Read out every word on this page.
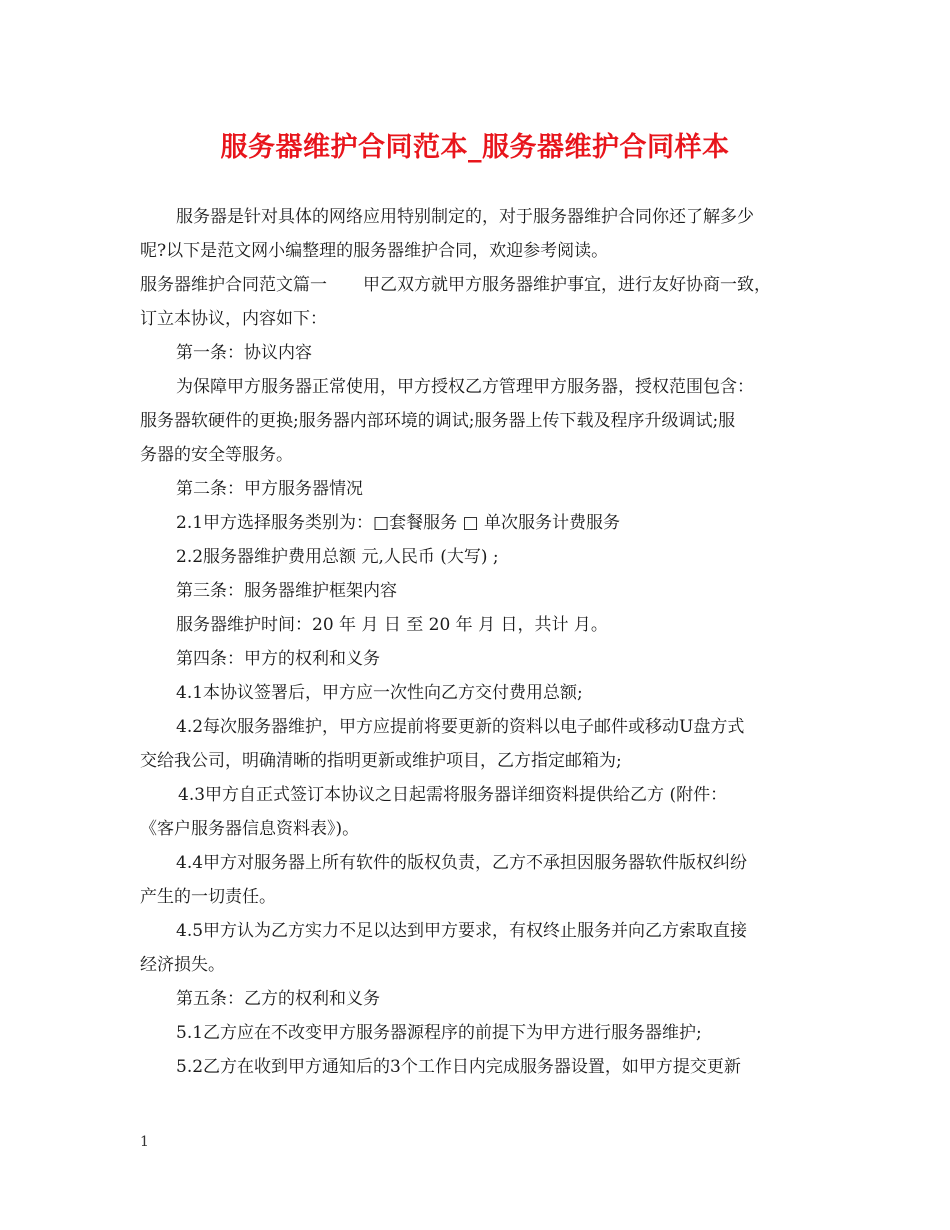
服务器维护合同范本_服务器维护合同样本

服务器是针对具体的网络应用特别制定的，对于服务器维护合同你还了解多少

呢?以下是范文网小编整理的服务器维护合同，欢迎参考阅读。

服务器维护合同范文篇一 甲乙双方就甲方服务器维护事宜，进行友好协商一致，

订立本协议，内容如下：

第一条：协议内容

为保障甲方服务器正常使用，甲方授权乙方管理甲方服务器，授权范围包含：

服务器软硬件的更换;服务器内部环境的调试;服务器上传下载及程序升级调试;服

务器的安全等服务。

第二条：甲方服务器情况

2.1甲方选择服务类别为：□套餐服务 □ 单次服务计费服务

2.2服务器维护费用总额 元,人民币 (大写) ;

第三条：服务器维护框架内容

服务器维护时间：20 年 月 日 至 20 年 月 日，共计 月。

第四条：甲方的权利和义务

4.1本协议签署后，甲方应一次性向乙方交付费用总额;

4.2每次服务器维护，甲方应提前将要更新的资料以电子邮件或移动U盘方式

交给我公司，明确清晰的指明更新或维护项目，乙方指定邮箱为;

4.3甲方自正式签订本协议之日起需将服务器详细资料提供给乙方 (附件：

《客户服务器信息资料表》)。

4.4甲方对服务器上所有软件的版权负责，乙方不承担因服务器软件版权纠纷

产生的一切责任。

4.5甲方认为乙方实力不足以达到甲方要求，有权终止服务并向乙方索取直接

经济损失。

第五条：乙方的权利和义务

5.1乙方应在不改变甲方服务器源程序的前提下为甲方进行服务器维护;

5.2乙方在收到甲方通知后的3个工作日内完成服务器设置，如甲方提交更新

1
